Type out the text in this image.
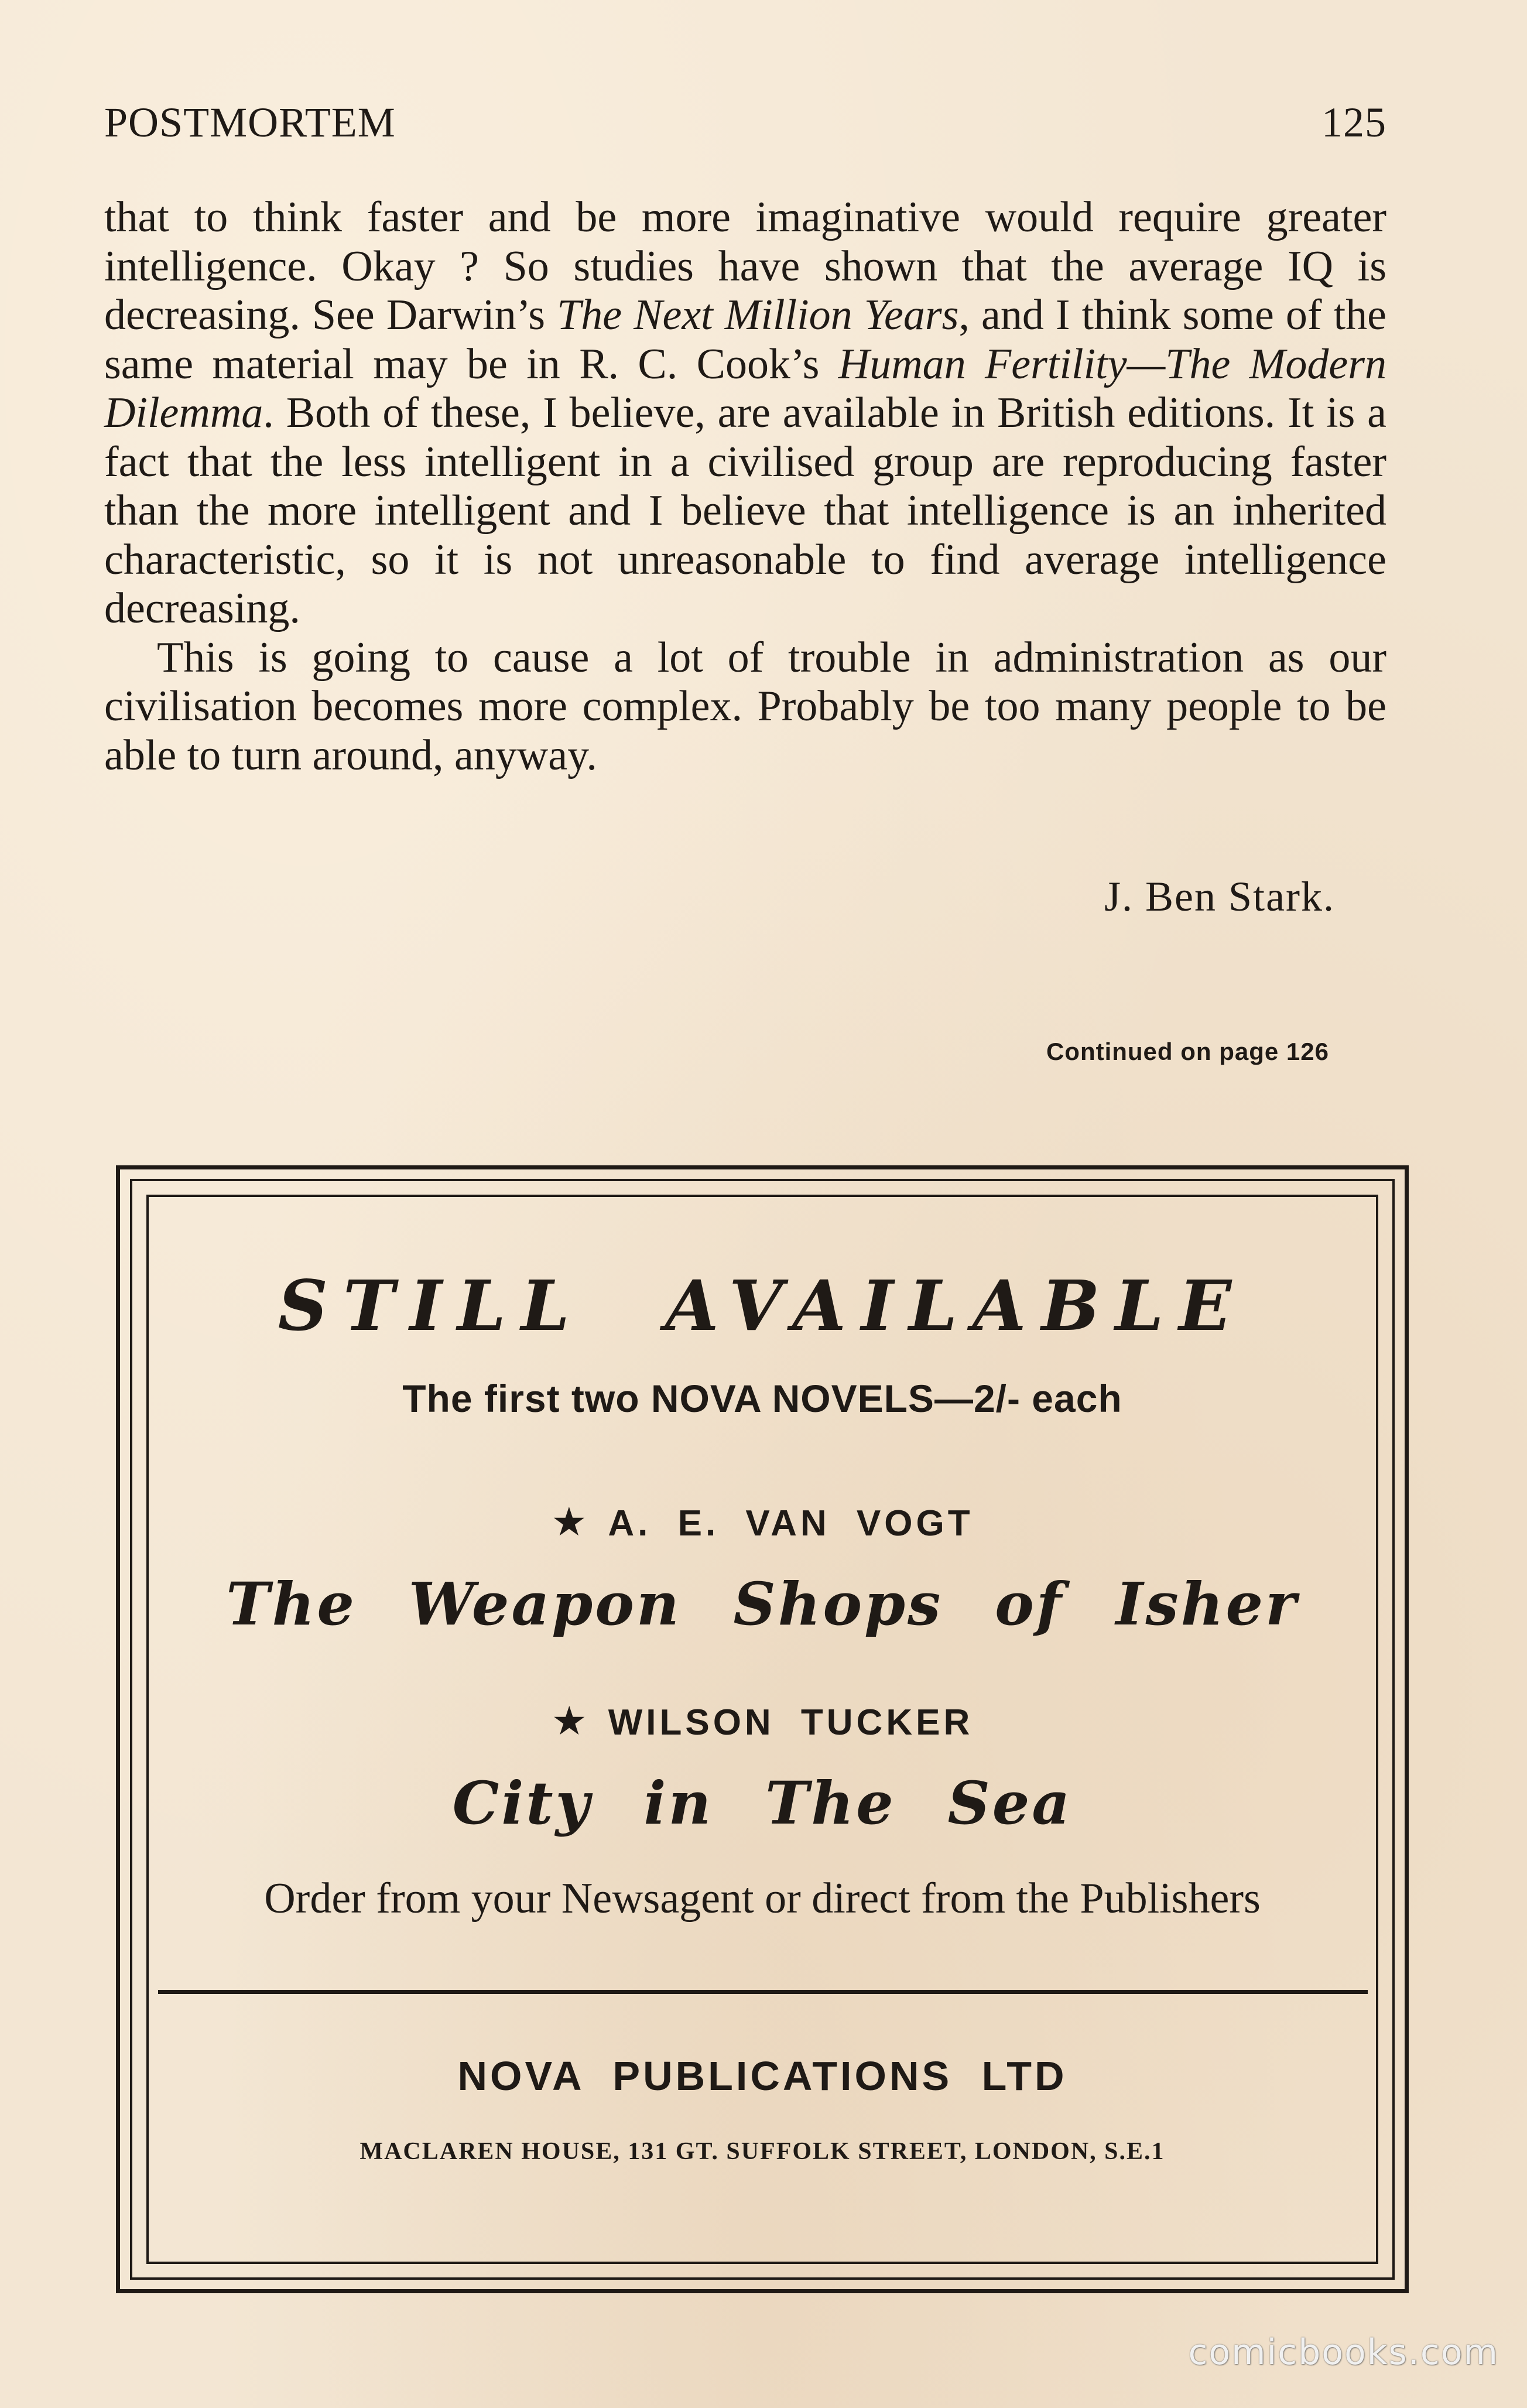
POSTMORTEM	125

that to think faster and be more imaginative would require greater intelligence. Okay ? So studies have shown that the average IQ is decreasing. See Darwin’s The Next Million Years, and I think some of the same material may be in R. C. Cook’s Human Fertility—The Modern Dilemma. Both of these, I believe, are available in British editions. It is a fact that the less intelligent in a civilised group are reproducing faster than the more intelligent and I believe that intelligence is an inherited characteristic, so it is not unreasonable to find average intelligence decreasing.

This is going to cause a lot of trouble in administration as our civilisation becomes more complex. Probably be too many people to be able to turn around, anyway.

J. Ben Stark.
Continued on page 126
STILL AVAILABLE
The first two NOVA NOVELS—2/- each
★ A. E. VAN VOGT
The Weapon Shops of Isher
★ WILSON TUCKER
City in The Sea
Order from your Newsagent or direct from the Publishers
NOVA PUBLICATIONS LTD
MACLAREN HOUSE, 131 GT. SUFFOLK STREET, LONDON, S.E.1
comicbooks.com
